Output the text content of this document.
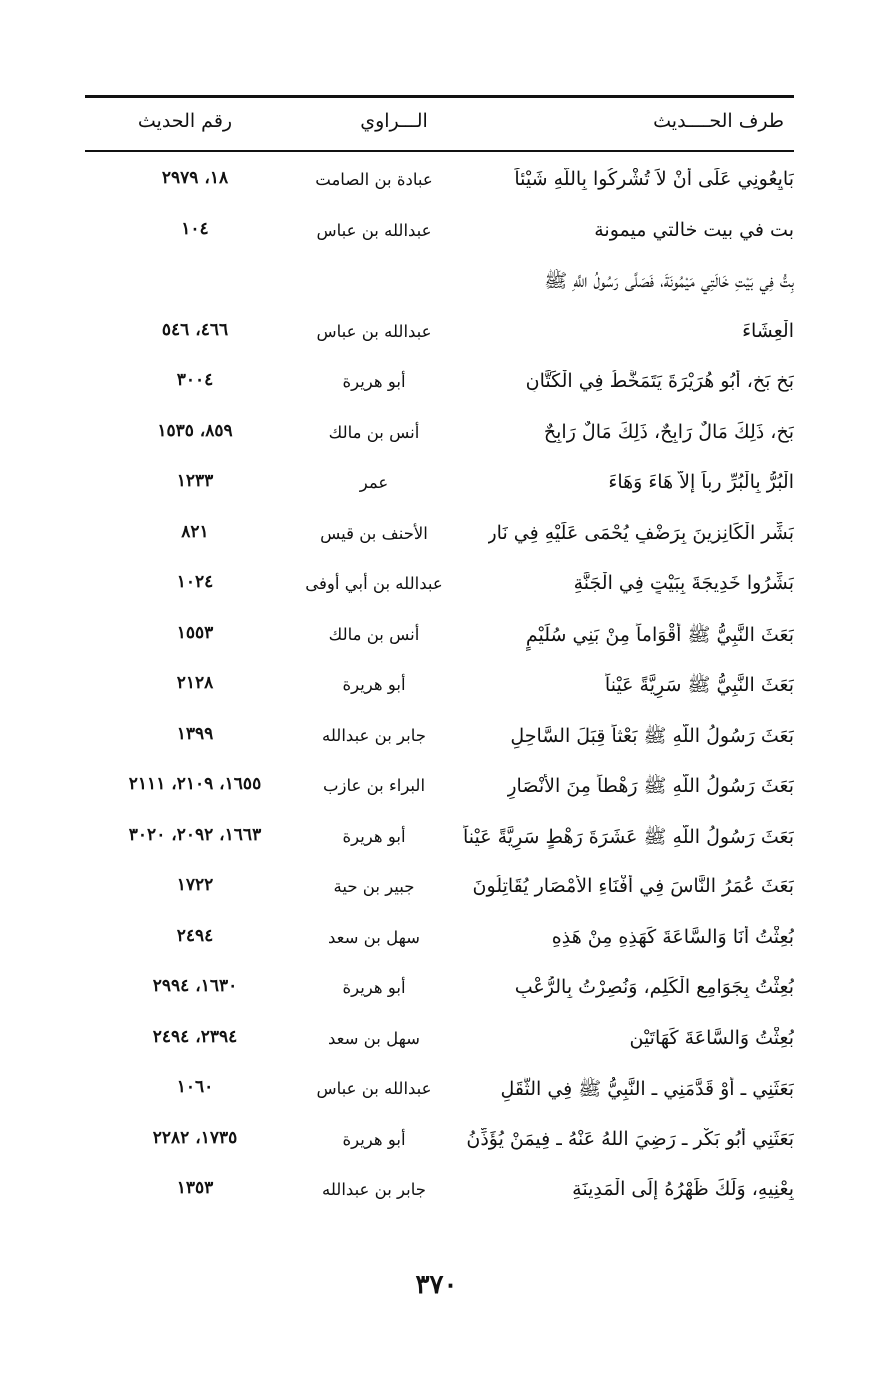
طرف الحــــديث
الـــراوي
رقم الحديث
بَايِعُونِي عَلَى أَنْ لاَ تُشْرِكُوا بِاللَّهِ شَيْئاً
عبادة بن الصامت
١٨، ٢٩٧٩
بت في بيت خالتي ميمونة
عبدالله بن عباس
١٠٤
بِتُّ فِي بَيْتِ خَالَتِي مَيْمُونَةَ، فَصَلَّى رَسُولُ اللَّهِ ﷺ
الْعِشَاءَ
عبدالله بن عباس
٤٦٦، ٥٤٦
بَخٍ بَخٍ، أَبُو هُرَيْرَةَ يَتَمَخَّطُ فِي الْكَتَّانِ
أبو هريرة
٣٠٠٤
بَخٍ، ذَلِكَ مَالٌ رَابِحٌ، ذَلِكَ مَالٌ رَابِحٌ
أنس بن مالك
٨٥٩، ١٥٣٥
الْبُرُّ بِالْبُرِّ رِباً إِلاَّ هَاءَ وَهَاءَ
عمر
١٢٣٣
بَشِّرِ الْكَانِزِينَ بِرَضْفٍ يُحْمَى عَلَيْهِ فِي نَارِ
الأحنف بن قيس
٨٢١
بَشِّرُوا خَدِيجَةَ بِبَيْتٍ فِي الْجَنَّةِ
عبدالله بن أبي أوفى
١٠٢٤
بَعَثَ النَّبِيُّ ﷺ أَقْوَاماً مِنْ بَنِي سُلَيْمٍ
أنس بن مالك
١٥٥٣
بَعَثَ النَّبِيُّ ﷺ سَرِيَّةً عَيْناً
أبو هريرة
٢١٢٨
بَعَثَ رَسُولُ اللَّهِ ﷺ بَعْثاً قِبَلَ السَّاحِلِ
جابر بن عبدالله
١٣٩٩
بَعَثَ رَسُولُ اللَّهِ ﷺ رَهْطاً مِنَ الأَنْصَارِ
البراء بن عازب
١٦٥٥، ٢١٠٩، ٢١١١
بَعَثَ رَسُولُ اللَّهِ ﷺ عَشَرَةَ رَهْطٍ سَرِيَّةً عَيْناً
أبو هريرة
١٦٦٣، ٢٠٩٢، ٣٠٢٠
بَعَثَ عُمَرُ النَّاسَ فِي أَفْنَاءِ الأَمْصَارِ يُقَاتِلُونَ
جبير بن حية
١٧٢٢
بُعِثْتُ أَنَا وَالسَّاعَةَ كَهَذِهِ مِنْ هَذِهِ
سهل بن سعد
٢٤٩٤
بُعِثْتُ بِجَوَامِعِ الْكَلِمِ، وَنُصِرْتُ بِالرُّعْبِ
أبو هريرة
١٦٣٠، ٢٩٩٤
بُعِثْتُ وَالسَّاعَةَ كَهَاتَيْنِ
سهل بن سعد
٢٣٩٤، ٢٤٩٤
بَعَثَنِي ـ أَوْ قَدَّمَنِي ـ النَّبِيُّ ﷺ فِي الثَّقَلِ
عبدالله بن عباس
١٠٦٠
بَعَثَنِي أَبُو بَكْرٍ ـ رَضِيَ اللهُ عَنْهُ ـ فِيمَنْ يُؤَذِّنُ
أبو هريرة
١٧٣٥، ٢٢٨٢
بِعْنِيهِ، وَلَكَ ظَهْرُهُ إِلَى الْمَدِينَةِ
جابر بن عبدالله
١٣٥٣
٣٧٠
